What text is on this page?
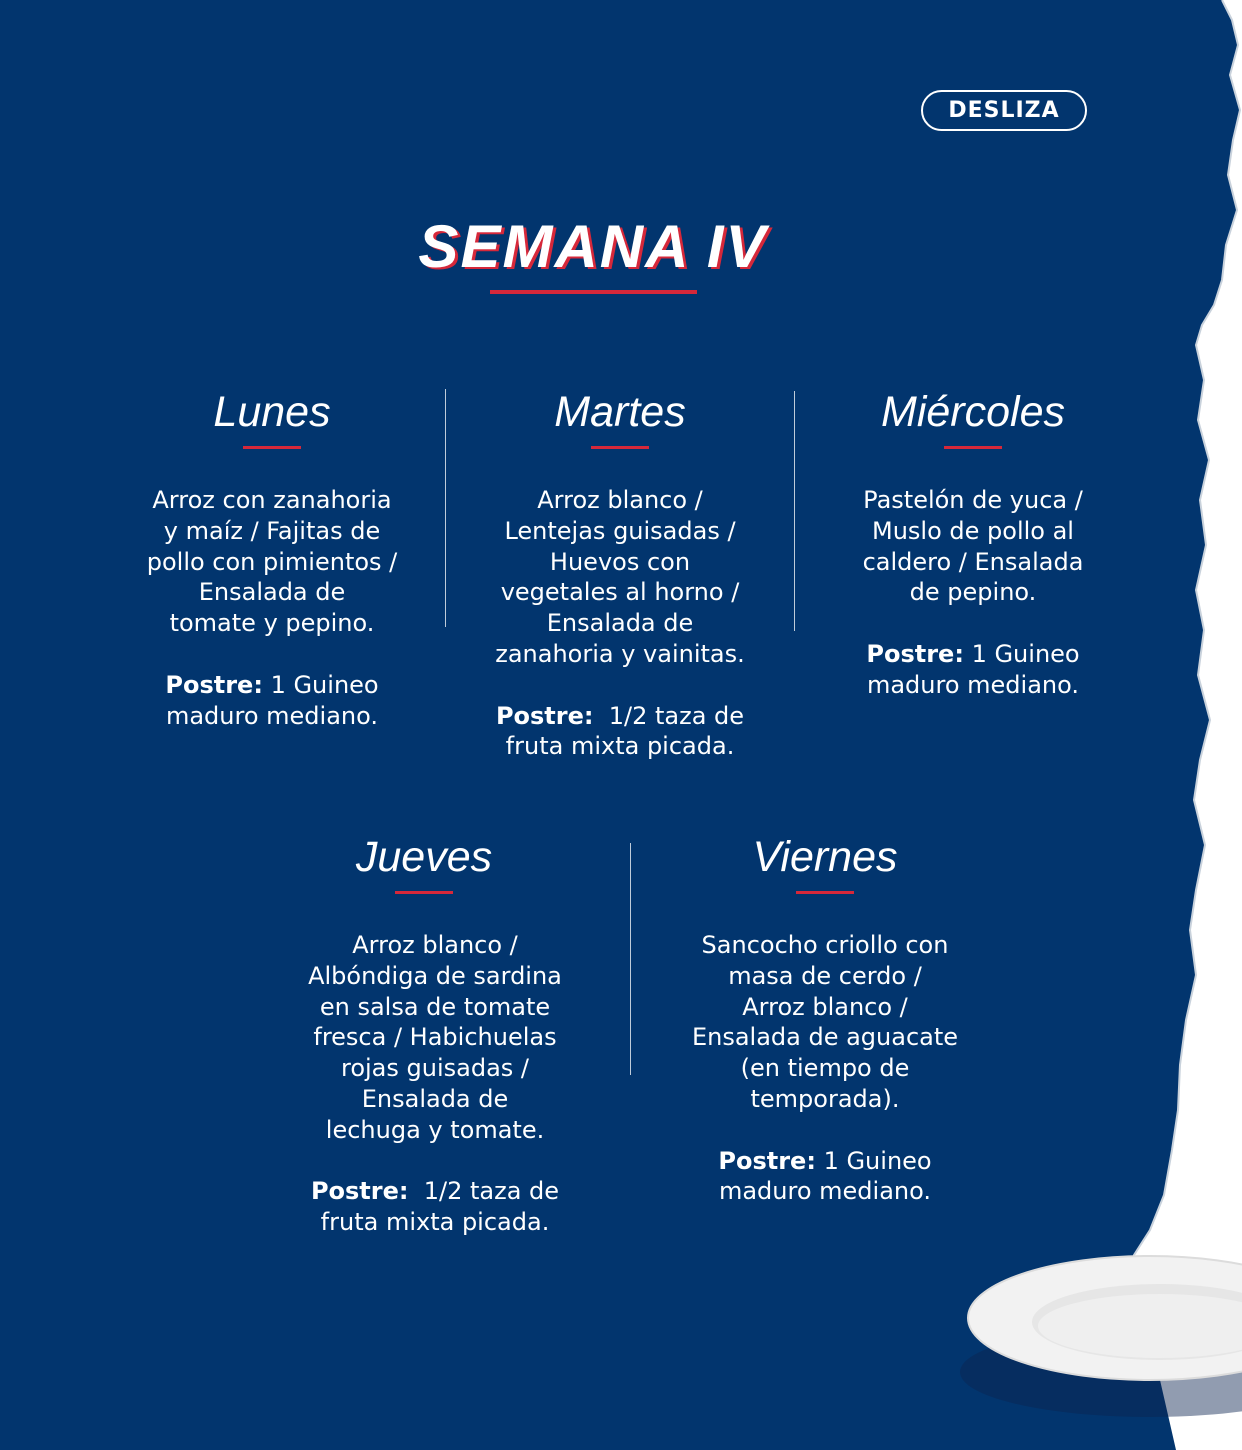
DESLIZA
SEMANA IV
Lunes
Arroz con zanahoria
y maíz / Fajitas de
pollo con pimientos /
Ensalada de
tomate y pepino.
Postre: 1 Guineo
maduro mediano.
Martes
Arroz blanco /
Lentejas guisadas /
Huevos con
vegetales al horno /
Ensalada de
zanahoria y vainitas.
Postre: 1/2 taza de
fruta mixta picada.
Miércoles
Pastelón de yuca /
Muslo de pollo al
caldero / Ensalada
de pepino.
Postre: 1 Guineo
maduro mediano.
Jueves
Arroz blanco /
Albóndiga de sardina
en salsa de tomate
fresca / Habichuelas
rojas guisadas /
Ensalada de
lechuga y tomate.
Postre: 1/2 taza de
fruta mixta picada.
Viernes
Sancocho criollo con
masa de cerdo /
Arroz blanco /
Ensalada de aguacate
(en tiempo de
temporada).
Postre: 1 Guineo
maduro mediano.
